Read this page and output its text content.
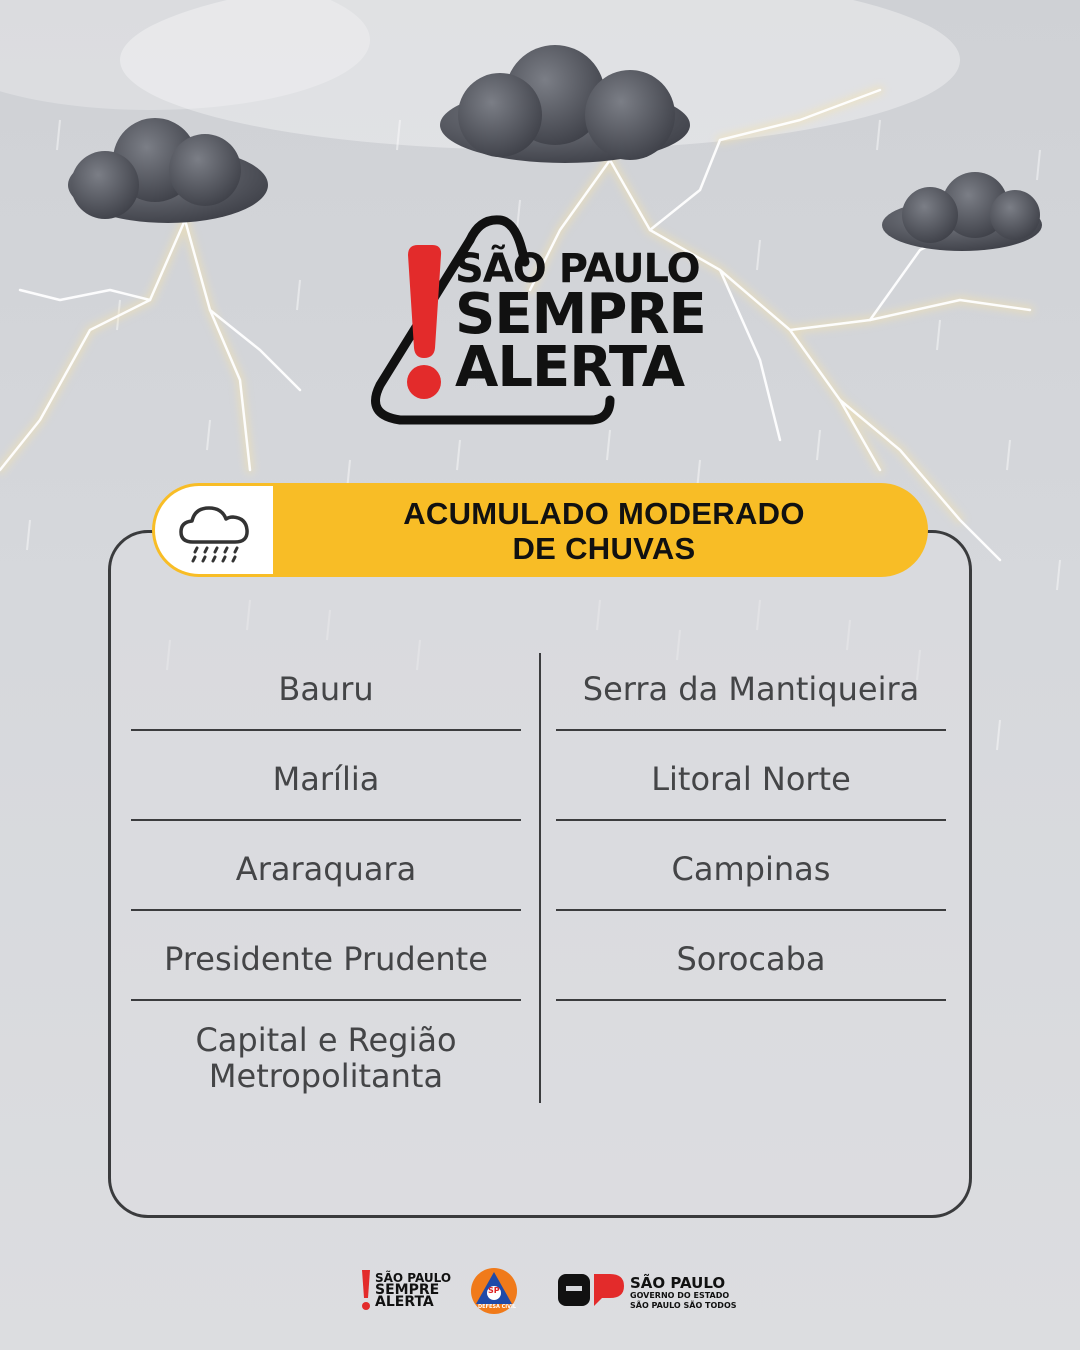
SÃO PAULO
SEMPRE
ALERTA
ACUMULADO MODERADO
DE CHUVAS
Bauru
Marília
Araraquara
Presidente Prudente
Capital e Região
Metropolitanta
Serra da Mantiqueira
Litoral Norte
Campinas
Sorocaba
SÃO PAULO
SEMPRE
ALERTA
SP
DEFESA CIVIL
SÃO PAULO
GOVERNO DO ESTADO
SÃO PAULO SÃO TODOS
